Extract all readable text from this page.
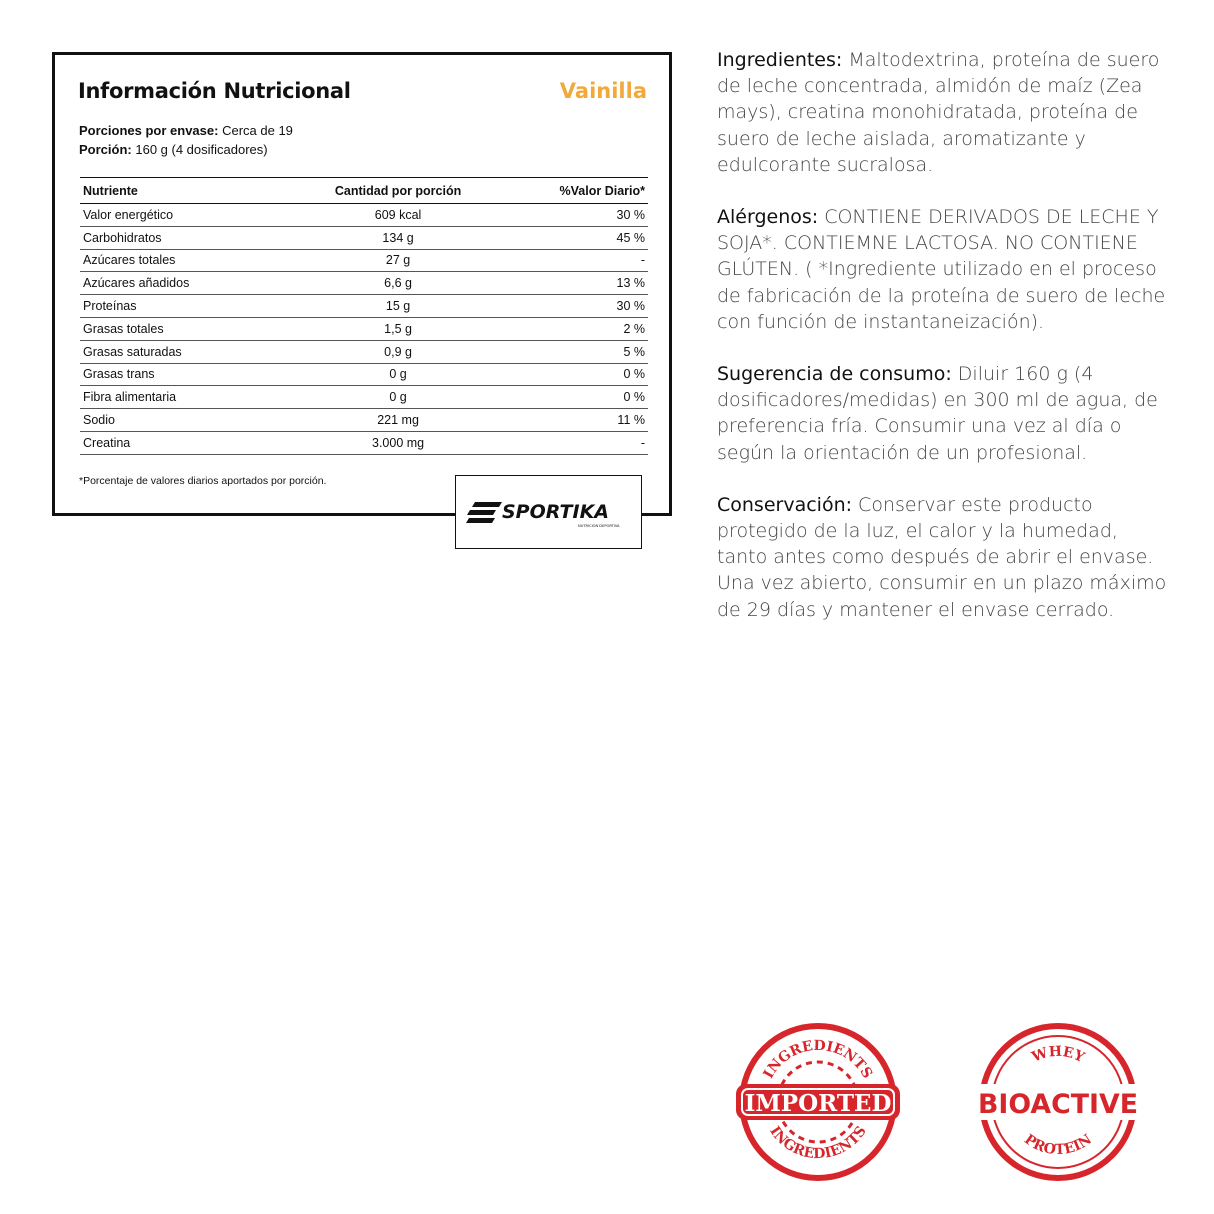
Información Nutricional	Vainilla
Porciones por envase: Cerca de 19
Porción: 160 g (4 dosificadores)
Nutriente	Cantidad por porción	%Valor Diario*
Valor energético	609 kcal	30 %
Carbohidratos	134 g	45 %
Azúcares totales	27 g	-
Azúcares añadidos	6,6 g	13 %
Proteínas	15 g	30 %
Grasas totales	1,5 g	2 %
Grasas saturadas	0,9 g	5 %
Grasas trans	0 g	0 %
Fibra alimentaria	0 g	0 %
Sodio	221 mg	11 %
Creatina	3.000 mg	-
*Porcentaje de valores diarios aportados por porción.
SPORTIKA
NUTRICIÓN DEPORTIVA

Ingredientes: Maltodextrina, proteína de suero de leche concentrada, almidón de maíz (Zea mays), creatina monohidratada, proteína de suero de leche aislada, aromatizante y edulcorante sucralosa.

Alérgenos: CONTIENE DERIVADOS DE LECHE Y SOJA*. CONTIEMNE LACTOSA. NO CONTIENE GLÚTEN. ( *Ingrediente utilizado en el proceso de fabricación de la proteína de suero de leche con función de instantaneización).

Sugerencia de consumo: Diluir 160 g (4 dosificadores/medidas) en 300 ml de agua, de preferencia fría. Consumir una vez al día o según la orientación de un profesional.

Conservación: Conservar este producto protegido de la luz, el calor y la humedad, tanto antes como después de abrir el envase. Una vez abierto, consumir en un plazo máximo de 29 días y mantener el envase cerrado.

INGREDIENTS
INGREDIENTS
IMPORTED
WHEY
PROTEIN
BIOACTIVE
